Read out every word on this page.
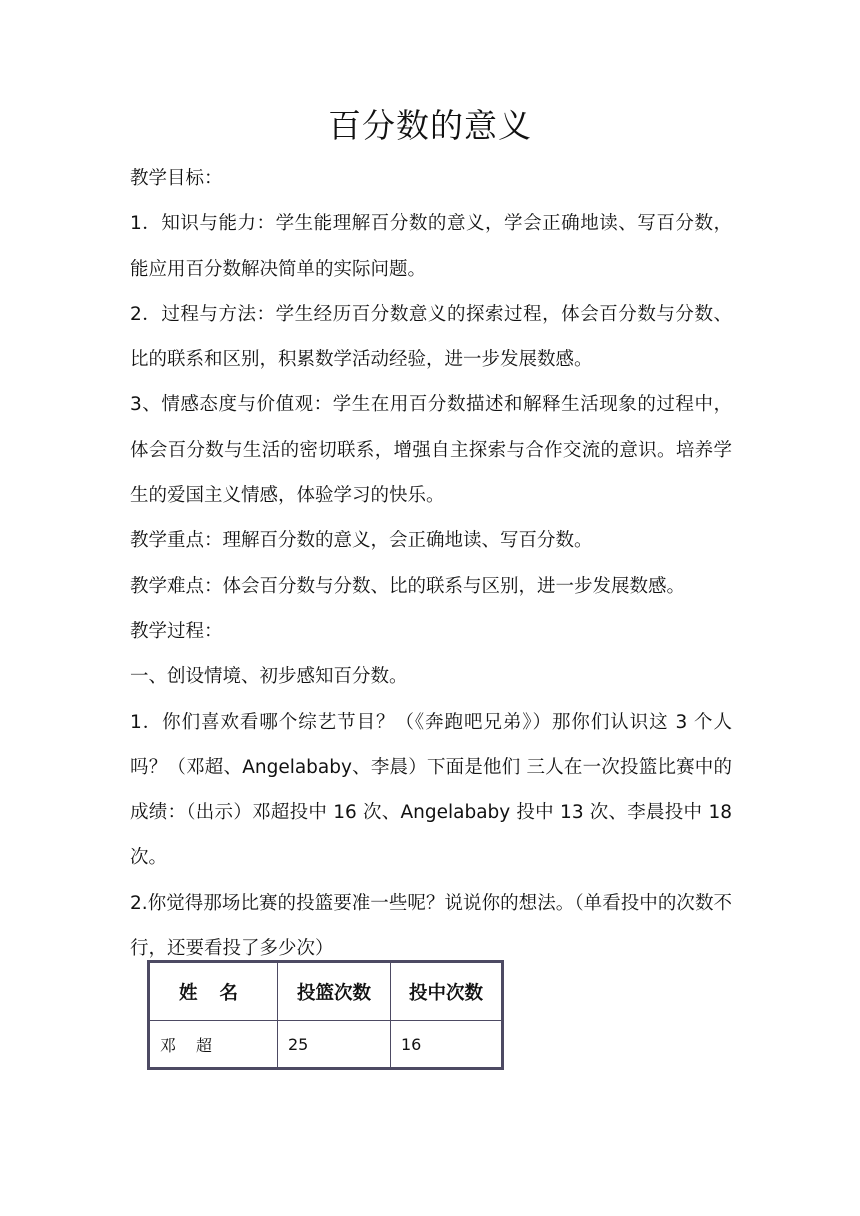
百分数的意义

教学目标：

1．知识与能力：学生能理解百分数的意义，学会正确地读、写百分数，能应用百分数解决简单的实际问题。

2．过程与方法：学生经历百分数意义的探索过程，体会百分数与分数、比的联系和区别，积累数学活动经验，进一步发展数感。

3、情感态度与价值观：学生在用百分数描述和解释生活现象的过程中，体会百分数与生活的密切联系，增强自主探索与合作交流的意识。培养学生的爱国主义情感，体验学习的快乐。

教学重点：理解百分数的意义，会正确地读、写百分数。

教学难点：体会百分数与分数、比的联系与区别，进一步发展数感。

教学过程：

一、创设情境、初步感知百分数。

1．你们喜欢看哪个综艺节目？（《奔跑吧兄弟》）那你们认识这 3 个人吗？（邓超、Angelababy、李晨）下面是他们 三人在一次投篮比赛中的成绩：（出示）邓超投中 16 次、Angelababy 投中 13 次、李晨投中 18 次。

2.你觉得那场比赛的投篮要准一些呢？说说你的想法。（单看投中的次数不行，还要看投了多少次）

姓名	投篮次数	投中次数
邓超	25	16
